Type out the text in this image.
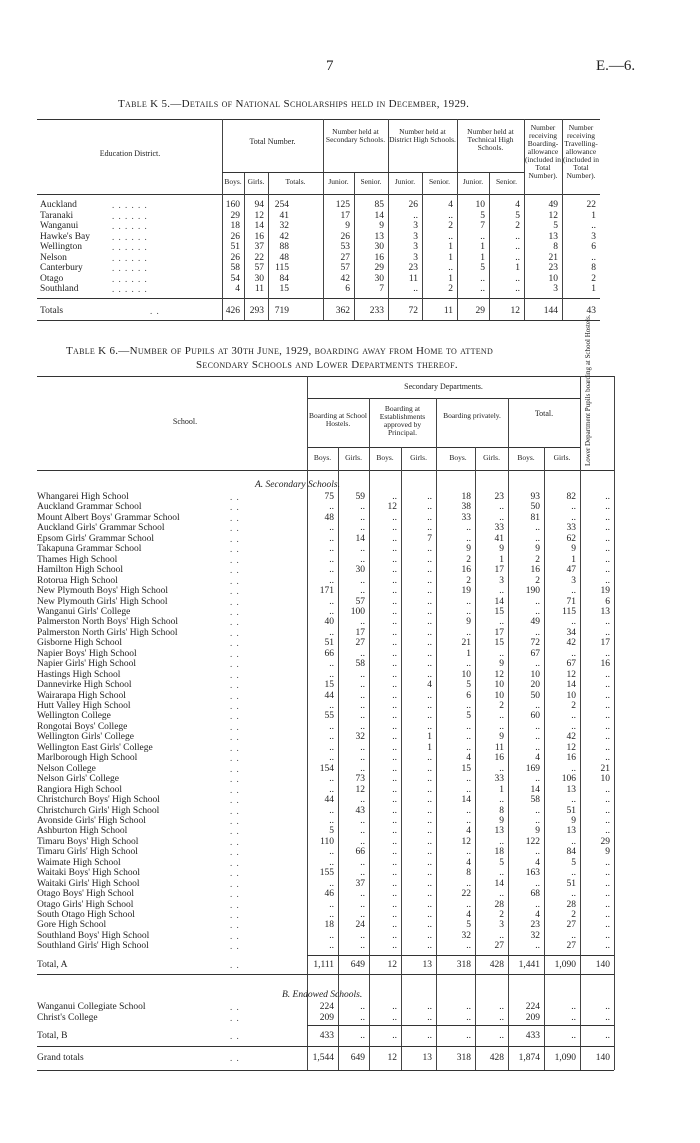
7	E.—6.
Table K 5.—Details of National Scholarships held in December, 1929.
Education District.
Total Number.
Number held at Secondary Schools.
Number held at District High Schools.
Number held at Technical High Schools.
Number receiving Boarding-allowance (included in Total Number).
Number receiving Travelling-allowance (included in Total Number).
Boys. Girls.	Totals.	Junior.	Senior.	Junior.	Senior.	Junior.	Senior.
Auckland	. . . . . .	160	94	254	125	85	26	4	10	4	49	22
Taranaki	. . . . . .	29	12	41	17	14	..	..	5	5	12	1
Wanganui	. . . . . .	18	14	32	9	9	3	2	7	2	5	..
Hawke's Bay . . . . . .	26	16	42	26	13	3	..	..	..	13	3
Wellington	. . . . . .	51	37	88	53	30	3	1	1	..	8	6
Nelson	. . . . . .	26	22	48	27	16	3	1	1	..	21	..
Canterbury	. . . . . .	58	57	115	57	29	23	..	5	1	23	8
Otago	. . . . . .	54	30	84	42	30	11	1	..	..	10	2
Southland	. . . . . .	4	11	15	6	7	..	2	..	..	3	1
Totals	. .	426	293	719	362	233	72	11	29	12	144	43
Table K 6.—Number of Pupils at 30th June, 1929, boarding away from Home to attend
Secondary Schools and Lower Departments thereof.
School.
Secondary Departments.
Boarding at School Hostels.
Boarding at Establishments approved by Principal.
Boarding privately.	Total.	Lower Department Pupils boarding at School Hostels.
Boys.	Girls.	Boys.	Girls.	Boys.	Girls.	Boys.	Girls.
A. Secondary Schools.
Whangarei High School	. .	75	59	..	..	18	23	93	82	..
Auckland Grammar School	. .	..	..	12	..	38	..	50	..	..
Mount Albert Boys' Grammar School	. .	48	..	..	..	33	..	81	..	..
Auckland Girls' Grammar School	. .	..	..	..	..	..	33	..	33	..
Epsom Girls' Grammar School	. .	..	14	..	7	..	41	..	62	..
Takapuna Grammar School	. .	..	..	..	..	9	9	9	9	..
Thames High School	. .	..	..	..	..	2	1	2	1	..
Hamilton High School	. .	..	30	..	..	16	17	16	47	..
Rotorua High School	. .	..	..	..	..	2	3	2	3	..
New Plymouth Boys' High School	. .	171	..	..	..	19	..	190	..	19
New Plymouth Girls' High School	. .	..	57	..	..	..	14	..	71	6
Wanganui Girls' College	. .	..	100	..	..	..	15	..	115	13
Palmerston North Boys' High School	. .	40	..	..	..	9	..	49	..	..
Palmerston North Girls' High School	. .	..	17	..	..	..	17	..	34	..
Gisborne High School	. .	51	27	..	..	21	15	72	42	17
Napier Boys' High School	. .	66	..	..	..	1	..	67	..	..
Napier Girls' High School	. .	..	58	..	..	..	9	..	67	16
Hastings High School	. .	..	..	..	..	10	12	10	12	..
Dannevirke High School	. .	15	..	..	4	5	10	20	14	..
Wairarapa High School	. .	44	..	..	..	6	10	50	10	..
Hutt Valley High School	. .	..	..	..	..	..	2	..	2	..
Wellington College	. .	55	..	..	..	5	..	60	..	..
Rongotai Boys' College	. .	..	..	..	..	..	..	..	..	..
Wellington Girls' College	. .	..	32	..	1	..	9	..	42	..
Wellington East Girls' College	. .	..	..	..	1	..	11	..	12	..
Marlborough High School	. .	..	..	..	..	4	16	4	16	..
Nelson College	. .	154	..	..	..	15	..	169	..	21
Nelson Girls' College	. .	..	73	..	..	..	33	..	106	10
Rangiora High School	. .	..	12	..	..	..	1	14	13	..
Christchurch Boys' High School	. .	44	..	..	..	14	..	58	..	..
Christchurch Girls' High School	. .	..	43	..	..	..	8	..	51	..
Avonside Girls' High School	. .	..	..	..	..	..	9	..	9	..
Ashburton High School	. .	5	..	..	..	4	13	9	13	..
Timaru Boys' High School	. .	110	..	..	..	12	..	122	..	29
Timaru Girls' High School	. .	..	66	..	..	..	18	..	84	9
Waimate High School	. .	..	..	..	..	4	5	4	5	..
Waitaki Boys' High School	. .	155	..	..	..	8	..	163	..	..
Waitaki Girls' High School	. .	..	37	..	..	..	14	..	51	..
Otago Boys' High School	. .	46	..	..	..	22	..	68	..	..
Otago Girls' High School	. .	..	..	..	..	..	28	..	28	..
South Otago High School	. .	..	..	..	..	4	2	4	2	..
Gore High School	. .	18	24	..	..	5	3	23	27	..
Southland Boys' High School	. .	..	..	..	..	32	..	32	..	..
Southland Girls' High School	. .	..	..	..	..	..	27	..	27	..
Total, A	. .	1,111	649	12	13	318	428	1,441	1,090	140
B. Endowed Schools.
Wanganui Collegiate School	. .	224	..	..	..	..	..	224	..	..
Christ's College	. .	209	..	..	..	..	..	209	..	..
Total, B	. .	433	..	..	..	..	..	433	..	..
Grand totals	. .	1,544	649	12	13	318	428	1,874	1,090	140
